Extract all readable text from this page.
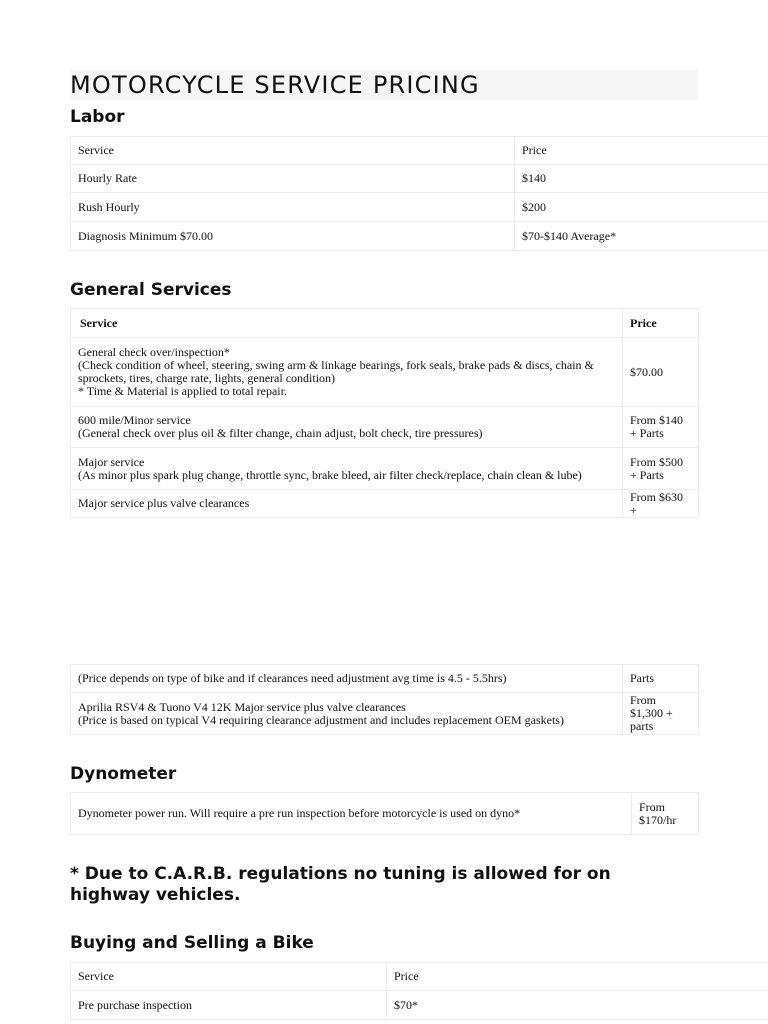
MOTORCYCLE SERVICE PRICING
Labor
Service	Price
Hourly Rate	$140
Rush Hourly	$200
Diagnosis Minimum $70.00	$70-$140 Average*
General Services
Service	Price

General check over/inspection*
(Check condition of wheel, steering, swing arm & linkage bearings, fork seals, brake pads & discs, chain & sprockets, tires, charge rate, lights, general condition)
* Time & Material is applied to total repair.	$70.00

600 mile/Minor service
(General check over plus oil & filter change, chain adjust, bolt check, tire pressures)	From $140 + Parts

Major service
(As minor plus spark plug change, throttle sync, brake bleed, air filter check/replace, chain clean & lube)	From $500 + Parts
Major service plus valve clearances	From $630 +
(Price depends on type of bike and if clearances need adjustment avg time is 4.5 - 5.5hrs)	Parts

Aprilia RSV4 & Tuono V4 12K Major service plus valve clearances
(Price is based on typical V4 requiring clearance adjustment and includes replacement OEM gaskets)	From $1,300 + parts
Dynometer
Dynometer power run. Will require a pre run inspection before motorcycle is used on dyno*	From $170/hr

* Due to C.A.R.B. regulations no tuning is allowed for on highway vehicles.

Buying and Selling a Bike
Service	Price
Pre purchase inspection	$70*
